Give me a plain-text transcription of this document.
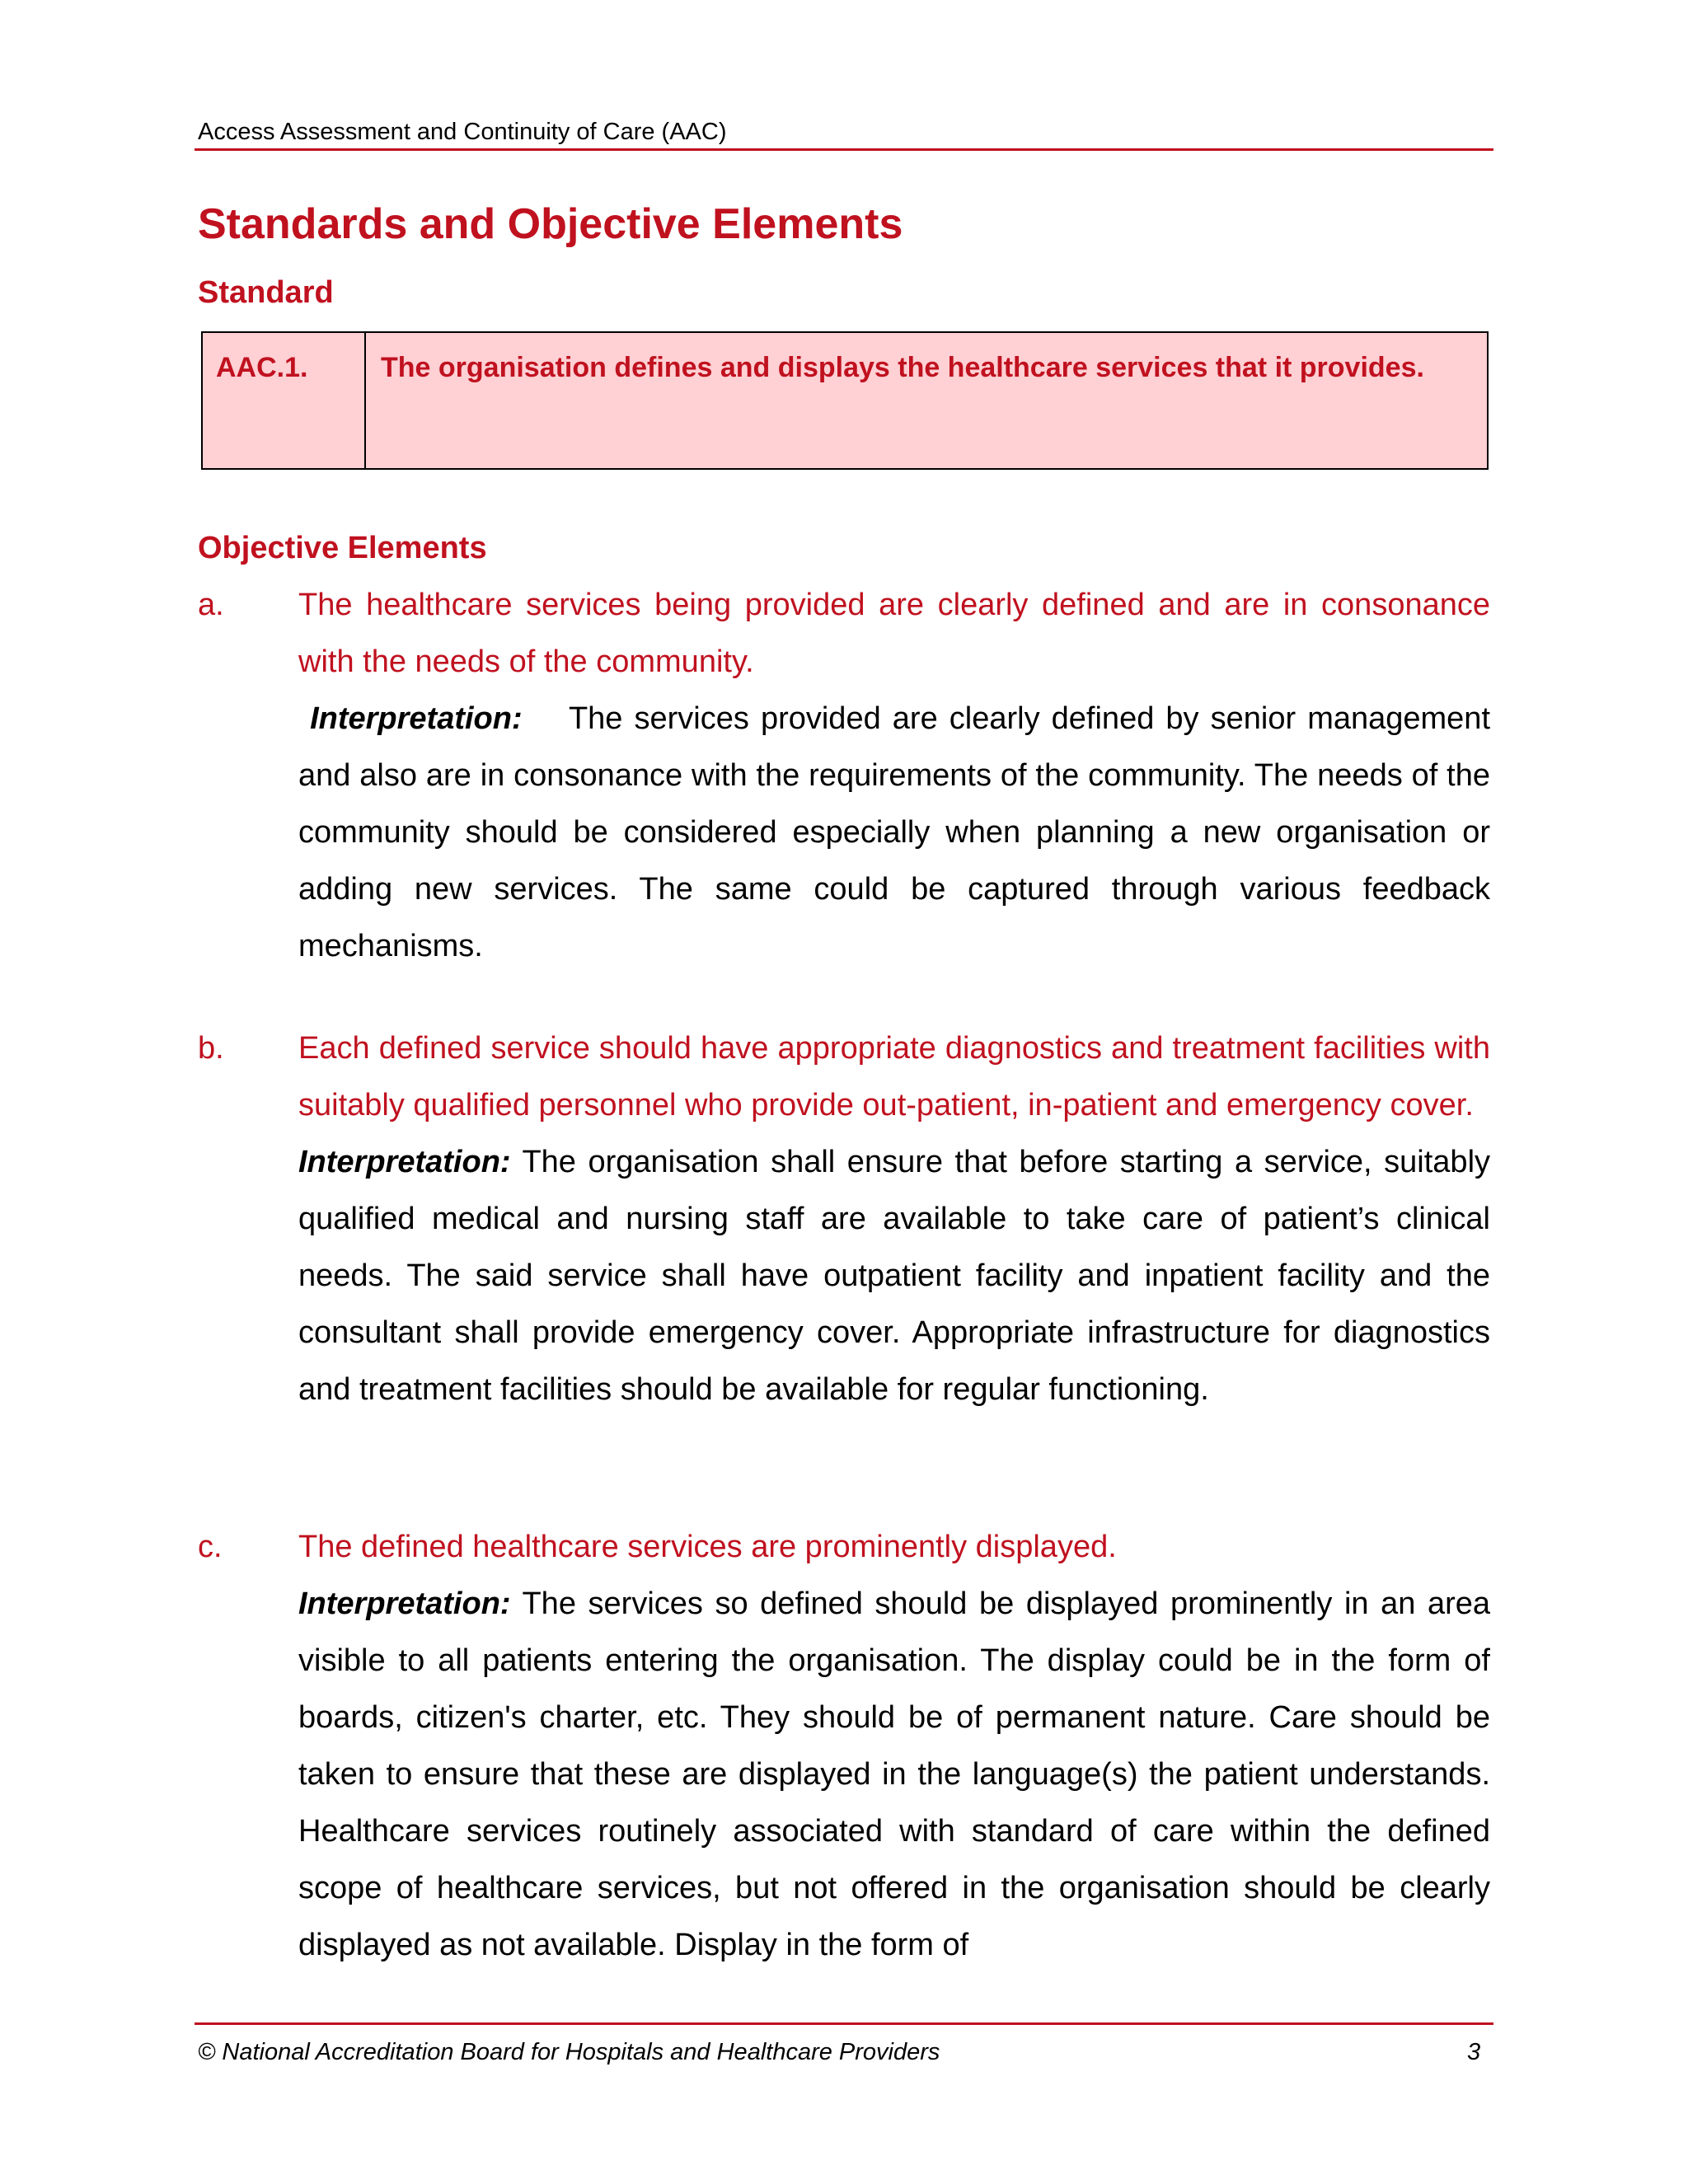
Access Assessment and Continuity of Care (AAC)
Standards and Objective Elements
Standard
AAC.1.	The organisation defines and displays the healthcare services that it provides.
Objective Elements
a. The healthcare services being provided are clearly defined and are in consonance with the needs of the community.

Interpretation: The services provided are clearly defined by senior management and also are in consonance with the requirements of the community. The needs of the community should be considered especially when planning a new organisation or adding new services. The same could be captured through various feedback mechanisms.

b. Each defined service should have appropriate diagnostics and treatment facilities with suitably qualified personnel who provide out-patient, in-patient and emergency cover.

Interpretation: The organisation shall ensure that before starting a service, suitably qualified medical and nursing staff are available to take care of patient’s clinical needs. The said service shall have outpatient facility and inpatient facility and the consultant shall provide emergency cover. Appropriate infrastructure for diagnostics and treatment facilities should be available for regular functioning.

c. The defined healthcare services are prominently displayed.

Interpretation: The services so defined should be displayed prominently in an area visible to all patients entering the organisation. The display could be in the form of boards, citizen's charter, etc. They should be of permanent nature. Care should be taken to ensure that these are displayed in the language(s) the patient understands. Healthcare services routinely associated with standard of care within the defined scope of healthcare services, but not offered in the organisation should be clearly displayed as not available. Display in the form of

© National Accreditation Board for Hospitals and Healthcare Providers	3
